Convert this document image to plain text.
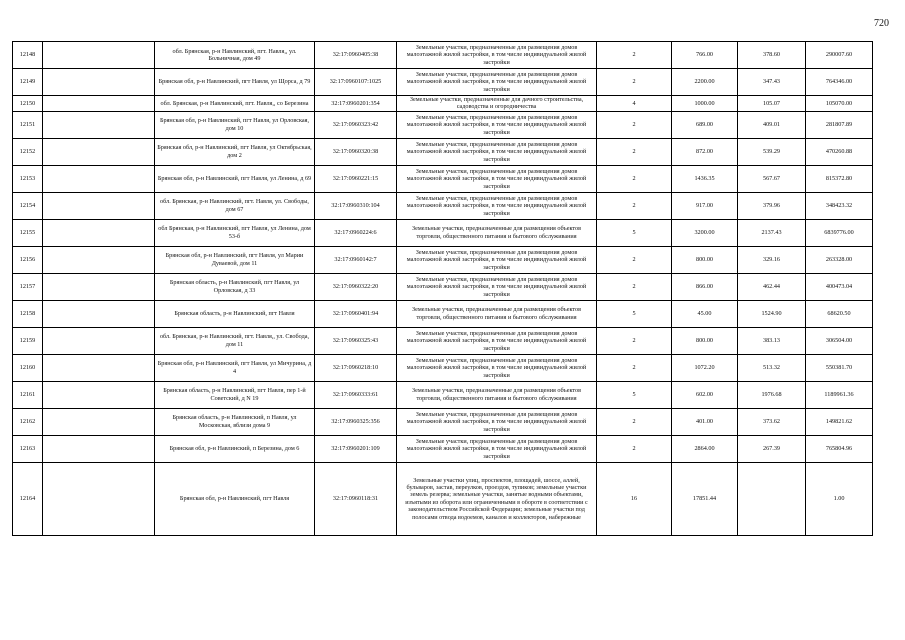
720
12148		обл. Брянская, р-н Навлинский, пгт. Навля,, ул. Больничная, дом 49	32:17:0960405:38	Земельные участки, предназначенные для размещения домов малоэтажной жилой застройки, в том числе индивидуальной жилой застройки	2	766.00	378.60	290007.60
12149		Брянская обл, р-н Навлинский, пгт Навля, ул Щорса, д 79	32:17:0960107:1025	Земельные участки, предназначенные для размещения домов малоэтажной жилой застройки, в том числе индивидуальной жилой застройки	2	2200.00	347.43	764346.00
12150		обл. Брянская, р-н Навлинский, пгт. Навля,, со Березина	32:17:0960201:354	Земельные участки, предназначенные для дачного строительства, садоводства и огородничества	4	1000.00	105.07	105070.00
12151		Брянская обл, р-н Навлинский, пгт Навля, ул Орловская, дом 10	32:17:0960323:42	Земельные участки, предназначенные для размещения домов малоэтажной жилой застройки, в том числе индивидуальной жилой застройки	2	689.00	409.01	281807.89
12152		Брянская обл, р-н Навлинский, пгт Навля, ул Октябрьская, дом 2	32:17:0960320:38	Земельные участки, предназначенные для размещения домов малоэтажной жилой застройки, в том числе индивидуальной жилой застройки	2	872.00	539.29	470260.88
12153		Брянская обл, р-н Навлинский, пгт Навля, ул Ленина, д 69	32:17:0960221:15	Земельные участки, предназначенные для размещения домов малоэтажной жилой застройки, в том числе индивидуальной жилой застройки	2	1436.35	567.67	815372.80
12154		обл. Брянская, р-н Навлинский, пгт. Навля, ул. Свободы, дом 67	32:17:0960310:104	Земельные участки, предназначенные для размещения домов малоэтажной жилой застройки, в том числе индивидуальной жилой застройки	2	917.00	379.96	348423.32
12155		обл Брянская, р-н Навлинский, пгт Навля, ул Ленина, дом 53-б	32:17:0960224:6	Земельные участки, предназначенные для размещения объектов торговли, общественного питания и бытового обслуживания	5	3200.00	2137.43	6839776.00
12156		Брянская обл, р-н Навлинский, пгт Навля, ул Марии Дуваевой, дом 11	32:17:0960142:7	Земельные участки, предназначенные для размещения домов малоэтажной жилой застройки, в том числе индивидуальной жилой застройки	2	800.00	329.16	263328.00
12157		Брянская область, р-н Навлинский, пгт Навля, ул Орловская, д 33	32:17:0960322:20	Земельные участки, предназначенные для размещения домов малоэтажной жилой застройки, в том числе индивидуальной жилой застройки	2	866.00	462.44	400473.04
12158		Брянская область, р-н Навлинский, пгт Навля	32:17:0960401:94	Земельные участки, предназначенные для размещения объектов торговли, общественного питания и бытового обслуживания	5	45.00	1524.90	68620.50
12159		обл. Брянская, р-н Навлинский, пгт. Навля,, ул. Свобода, дом 11	32:17:0960325:43	Земельные участки, предназначенные для размещения домов малоэтажной жилой застройки, в том числе индивидуальной жилой застройки	2	800.00	383.13	306504.00
12160		Брянская обл, р-н Навлинский, пгт Навля, ул Мичурина, д 4	32:17:0960218:10	Земельные участки, предназначенные для размещения домов малоэтажной жилой застройки, в том числе индивидуальной жилой застройки	2	1072.20	513.32	550381.70
12161		Брянская область, р-н Навлинский, пгт Навля, пер 1-й Советский, д N 19	32:17:0960333:61	Земельные участки, предназначенные для размещения объектов торговли, общественного питания и бытового обслуживания	5	602.00	1976.68	1189961.36
12162		Брянская область, р-н Навлинский, п Навля, ул Московская, вблизи дома 9	32:17:0960325:356	Земельные участки, предназначенные для размещения домов малоэтажной жилой застройки, в том числе индивидуальной жилой застройки	2	401.00	373.62	149821.62
12163		Брянская обл, р-н Навлинский, п Березина, дом 6	32:17:0960201:109	Земельные участки, предназначенные для размещения домов малоэтажной жилой застройки, в том числе индивидуальной жилой застройки	2	2864.00	267.39	765804.96
12164		Брянская обл, р-н Навлинский, пгт Навля	32:17:0960118:31	Земельные участки улиц, проспектов, площадей, шоссе, аллей, бульваров, застав, переулков, проездов, тупиков; земельные участки земель резерва; земельные участки, занятые водными объектами, изъятыми из оборота или ограниченными в обороте в соответствии с законодательством Российской Федерации; земельные участки под полосами отвода водоемов, каналов и коллекторов, набережные	16	17851.44		1.00
